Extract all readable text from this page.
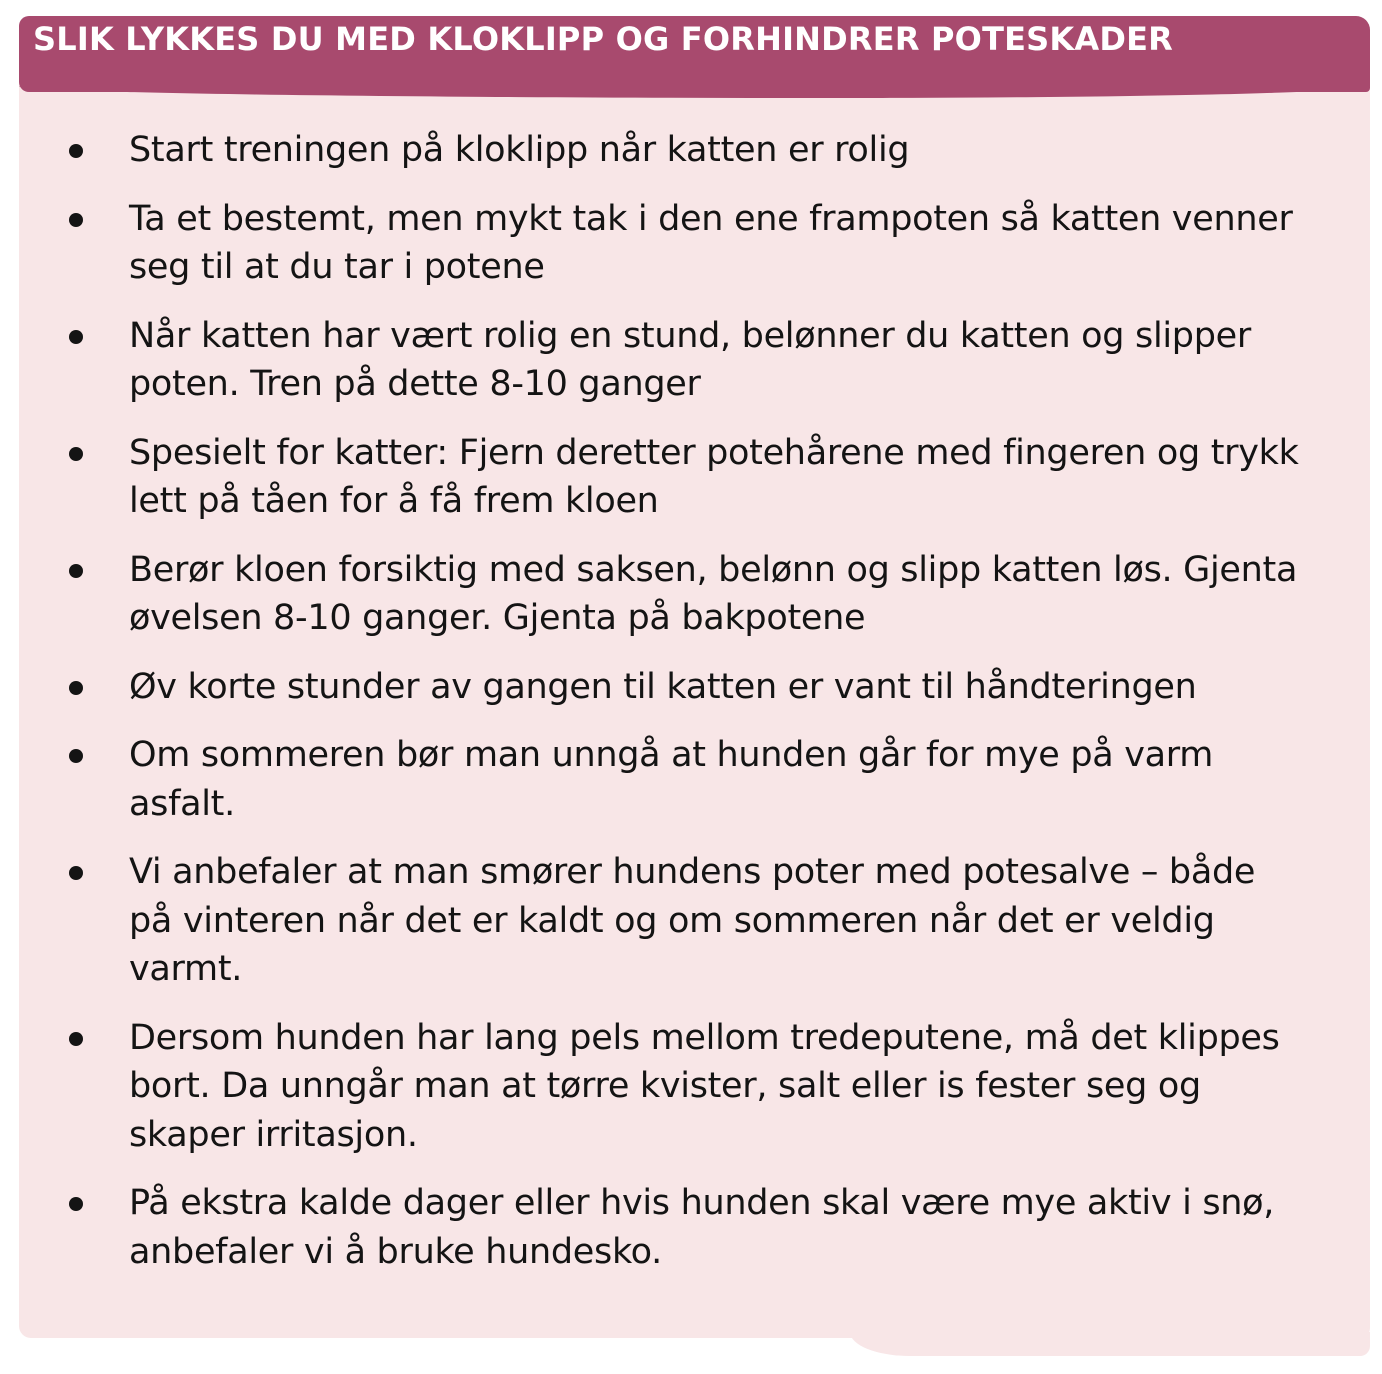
SLIK LYKKES DU MED KLOKLIPP OG FORHINDRER POTESKADER
Start treningen på kloklipp når katten er rolig
Ta et bestemt, men mykt tak i den ene frampoten så katten venner seg til at du tar i potene
Når katten har vært rolig en stund, belønner du katten og slipper poten. Tren på dette 8-10 ganger
Spesielt for katter: Fjern deretter potehårene med fingeren og trykk lett på tåen for å få frem kloen
Berør kloen forsiktig med saksen, belønn og slipp katten løs. Gjenta øvelsen 8-10 ganger. Gjenta på bakpotene
Øv korte stunder av gangen til katten er vant til håndteringen
Om sommeren bør man unngå at hunden går for mye på varm asfalt.
Vi anbefaler at man smører hundens poter med potesalve – både på vinteren når det er kaldt og om sommeren når det er veldig varmt.
Dersom hunden har lang pels mellom tredeputene, må det klippes bort. Da unngår man at tørre kvister, salt eller is fester seg og skaper irritasjon.
På ekstra kalde dager eller hvis hunden skal være mye aktiv i snø, anbefaler vi å bruke hundesko.
